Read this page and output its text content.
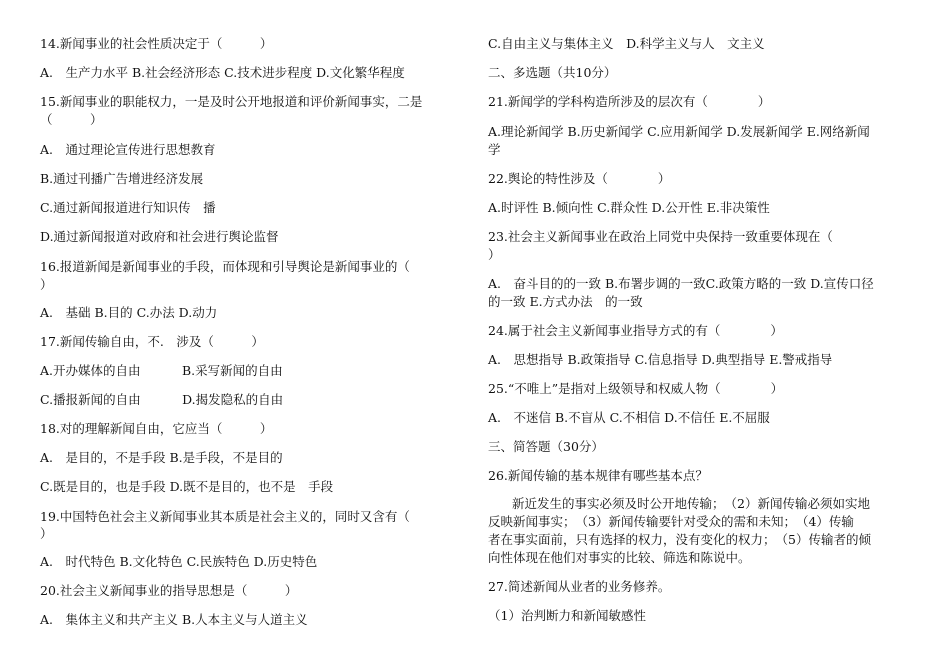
14.新闻事业的社会性质决定于（　　　）
A.　生产力水平 B.社会经济形态 C.技术进步程度 D.文化繁华程度
15.新闻事业的职能权力，一是及时公开地报道和评价新闻事实，二是
（　　　）
A.　通过理论宣传进行思想教育
B.通过刊播广告增进经济发展
C.通过新闻报道进行知识传　播
D.通过新闻报道对政府和社会进行舆论监督
16.报道新闻是新闻事业的手段，而体现和引导舆论是新闻事业的（
）
A.　基础 B.目的 C.办法 D.动力
17.新闻传输自由，不.　涉及（　　　）
A.开办媒体的自由　　　 B.采写新闻的自由
C.播报新闻的自由　　　 D.揭发隐私的自由
18.对的理解新闻自由，它应当（　　　）
A.　是目的，不是手段 B.是手段，不是目的
C.既是目的，也是手段 D.既不是目的，也不是　手段
19.中国特色社会主义新闻事业其本质是社会主义的，同时又含有（
）
A.　时代特色 B.文化特色 C.民族特色 D.历史特色
20.社会主义新闻事业的指导思想是（　　　）
A.　集体主义和共产主义 B.人本主义与人道主义
C.自由主义与集体主义　D.科学主义与人　文主义
二、多选题（共10分）
21.新闻学的学科构造所涉及的层次有（　　　　）
A.理论新闻学 B.历史新闻学 C.应用新闻学 D.发展新闻学 E.网络新闻
学
22.舆论的特性涉及（　　　　）
A.时评性 B.倾向性 C.群众性 D.公开性 E.非决策性
23.社会主义新闻事业在政治上同党中央保持一致重要体现在（
）
A.　奋斗目的的一致 B.布署步调的一致C.政策方略的一致 D.宣传口径
的一致 E.方式办法　的一致
24.属于社会主义新闻事业指导方式的有（　　　　）
A.　思想指导 B.政策指导 C.信息指导 D.典型指导 E.警戒指导
25.“不唯上”是指对上级领导和权威人物（　　　　）
A.　不迷信 B.不盲从 C.不相信 D.不信任 E.不屈服
三、简答题（30分）
26.新闻传输的基本规律有哪些基本点？
新近发生的事实必须及时公开地传输；　（2）新闻传输必须如实地
反映新闻事实；　（3）新闻传输要针对受众的需和未知；　（4）传输
者在事实面前，只有选择的权力，没有变化的权力；　（5）传输者的倾
向性体现在他们对事实的比较、筛选和陈说中。
27.简述新闻从业者的业务修养。
（1）治判断力和新闻敏感性
